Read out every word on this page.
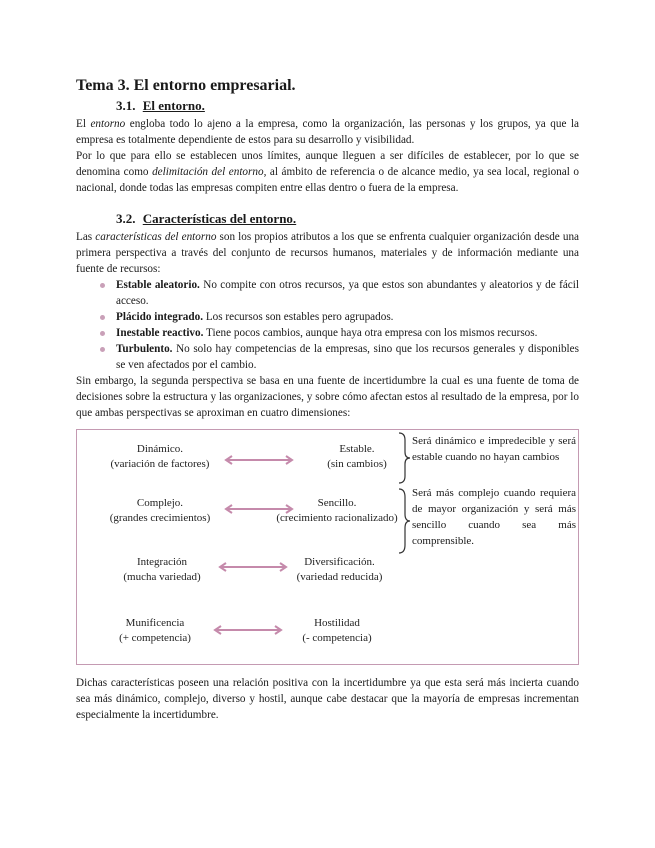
Tema 3. El entorno empresarial.
3.1. El entorno.

El entorno engloba todo lo ajeno a la empresa, como la organización, las personas y los grupos, ya que la empresa es totalmente dependiente de estos para su desarrollo y visibilidad.

Por lo que para ello se establecen unos límites, aunque lleguen a ser difíciles de establecer, por lo que se denomina como delimitación del entorno, al ámbito de referencia o de alcance medio, ya sea local, regional o nacional, donde todas las empresas compiten entre ellas dentro o fuera de la empresa.

3.2. Características del entorno.

Las características del entorno son los propios atributos a los que se enfrenta cualquier organización desde una primera perspectiva a través del conjunto de recursos humanos, materiales y de información mediante una fuente de recursos:

Estable aleatorio. No compite con otros recursos, ya que estos son abundantes y aleatorios y de fácil acceso.
Plácido integrado. Los recursos son estables pero agrupados.
Inestable reactivo. Tiene pocos cambios, aunque haya otra empresa con los mismos recursos.
Turbulento. No solo hay competencias de la empresas, sino que los recursos generales y disponibles se ven afectados por el cambio.

Sin embargo, la segunda perspectiva se basa en una fuente de incertidumbre la cual es una fuente de toma de decisiones sobre la estructura y las organizaciones, y sobre cómo afectan estos al resultado de la empresa, por lo que ambas perspectivas se aproximan en cuatro dimensiones:

Dinámico.
(variación de factores)
Estable.
(sin cambios)
Complejo.
(grandes crecimientos)
Sencillo.
(crecimiento racionalizado)
Integración
(mucha variedad)
Diversificación.
(variedad reducida)
Munificencia
(+ competencia)
Hostilidad
(- competencia)
Será dinámico e impredecible y será estable cuando no hayan cambios
Será más complejo cuando requiera de mayor organización y será más sencillo cuando sea más comprensible.

Dichas características poseen una relación positiva con la incertidumbre ya que esta será más incierta cuando sea más dinámico, complejo, diverso y hostil, aunque cabe destacar que la mayoría de empresas incrementan especialmente la incertidumbre.
